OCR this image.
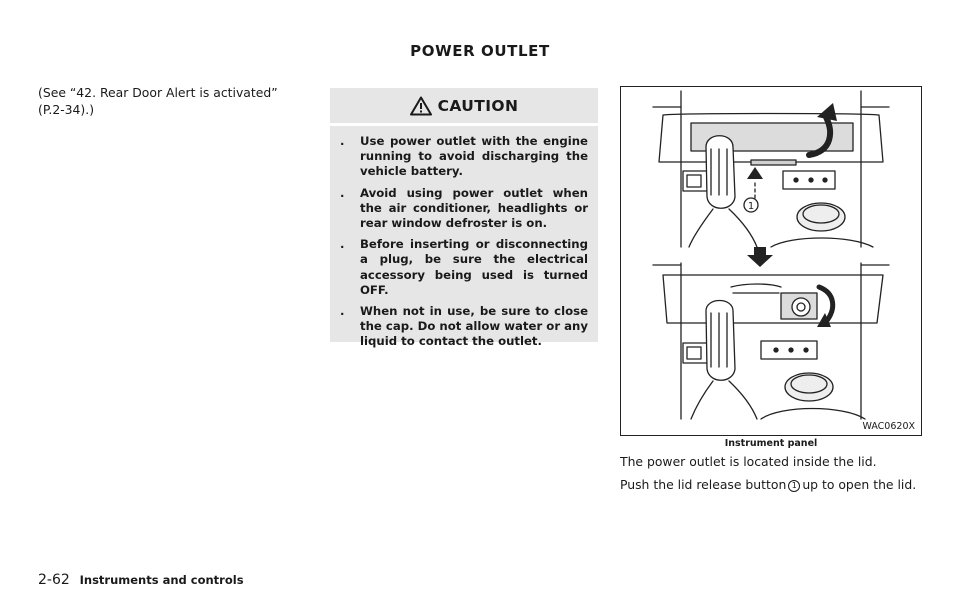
POWER OUTLET
(See “42. Rear Door Alert is activated” (P.2-34).)	CAUTION
.	Use power outlet with the engine running to avoid discharging the vehicle battery.
.	Avoid using power outlet when the air conditioner, headlights or rear window defroster is on.
.	Before inserting or disconnecting a plug, be sure the electrical accessory being used is turned OFF.
.	When not in use, be sure to close the cap. Do not allow water or any liquid to contact the outlet.
1
WAC0620X
Instrument panel

The power outlet is located inside the lid.

Push the lid release button 1 up to open the lid.

2-62 Instruments and controls
